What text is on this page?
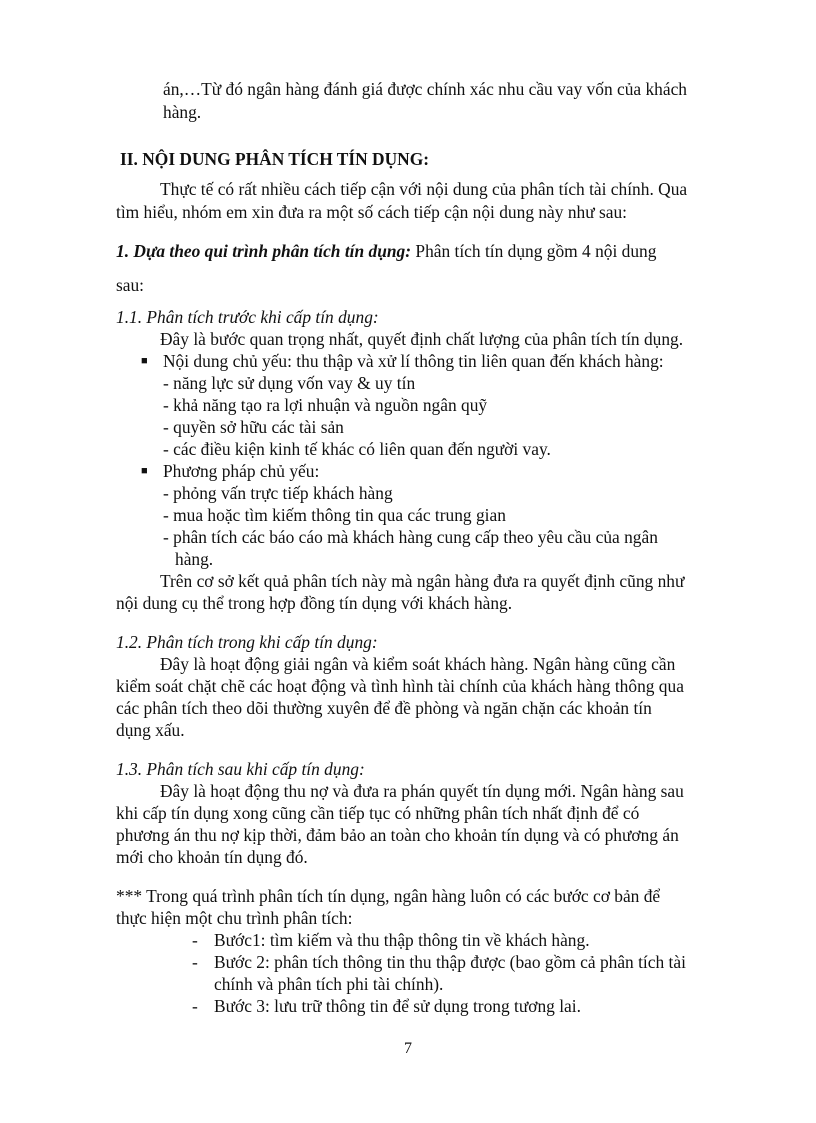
án,…Từ đó ngân hàng đánh giá được chính xác nhu cầu vay vốn của khách
hàng.
II. NỘI DUNG PHÂN TÍCH TÍN DỤNG:
Thực tế có rất nhiều cách tiếp cận với nội dung của phân tích tài chính. Qua
tìm hiểu, nhóm em xin đưa ra một số cách tiếp cận nội dung này như sau:
1. Dựa theo qui trình phân tích tín dụng: Phân tích tín dụng gồm 4 nội dung
sau:
1.1. Phân tích trước khi cấp tín dụng:
Đây là bước quan trọng nhất, quyết định chất lượng của phân tích tín dụng.
■ Nội dung chủ yếu: thu thập và xử lí thông tin liên quan đến khách hàng:
- năng lực sử dụng vốn vay & uy tín
- khả năng tạo ra lợi nhuận và nguồn ngân quỹ
- quyền sở hữu các tài sản
- các điều kiện kinh tế khác có liên quan đến người vay.
■ Phương pháp chủ yếu:
- phỏng vấn trực tiếp khách hàng
- mua hoặc tìm kiếm thông tin qua các trung gian
- phân tích các báo cáo mà khách hàng cung cấp theo yêu cầu của ngân
hàng.
Trên cơ sở kết quả phân tích này mà ngân hàng đưa ra quyết định cũng như
nội dung cụ thể trong hợp đồng tín dụng với khách hàng.
1.2. Phân tích trong khi cấp tín dụng:
Đây là hoạt động giải ngân và kiểm soát khách hàng. Ngân hàng cũng cần
kiểm soát chặt chẽ các hoạt động và tình hình tài chính của khách hàng thông qua
các phân tích theo dõi thường xuyên để đề phòng và ngăn chặn các khoản tín
dụng xấu.
1.3. Phân tích sau khi cấp tín dụng:
Đây là hoạt động thu nợ và đưa ra phán quyết tín dụng mới. Ngân hàng sau
khi cấp tín dụng xong cũng cần tiếp tục có những phân tích nhất định để có
phương án thu nợ kịp thời, đảm bảo an toàn cho khoản tín dụng và có phương án
mới cho khoản tín dụng đó.
*** Trong quá trình phân tích tín dụng, ngân hàng luôn có các bước cơ bản để
thực hiện một chu trình phân tích:
- Bước1: tìm kiếm và thu thập thông tin về khách hàng.
- Bước 2: phân tích thông tin thu thập được (bao gồm cả phân tích tài
chính và phân tích phi tài chính).
- Bước 3: lưu trữ thông tin để sử dụng trong tương lai.
7
